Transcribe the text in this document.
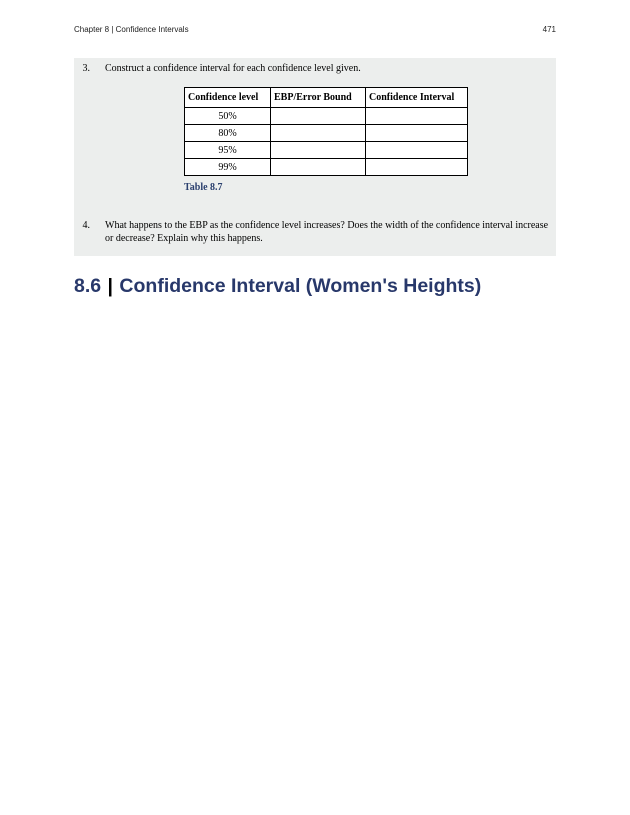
Chapter 8 | Confidence Intervals	471
3. Construct a confidence interval for each confidence level given.
Confidence level	EBP/Error Bound	Confidence Interval
50%		
80%		
95%		
99%		
Table 8.7
4. What happens to the EBP as the confidence level increases? Does the width of the confidence interval increase or decrease? Explain why this happens.
8.6 | Confidence Interval (Women's Heights)
